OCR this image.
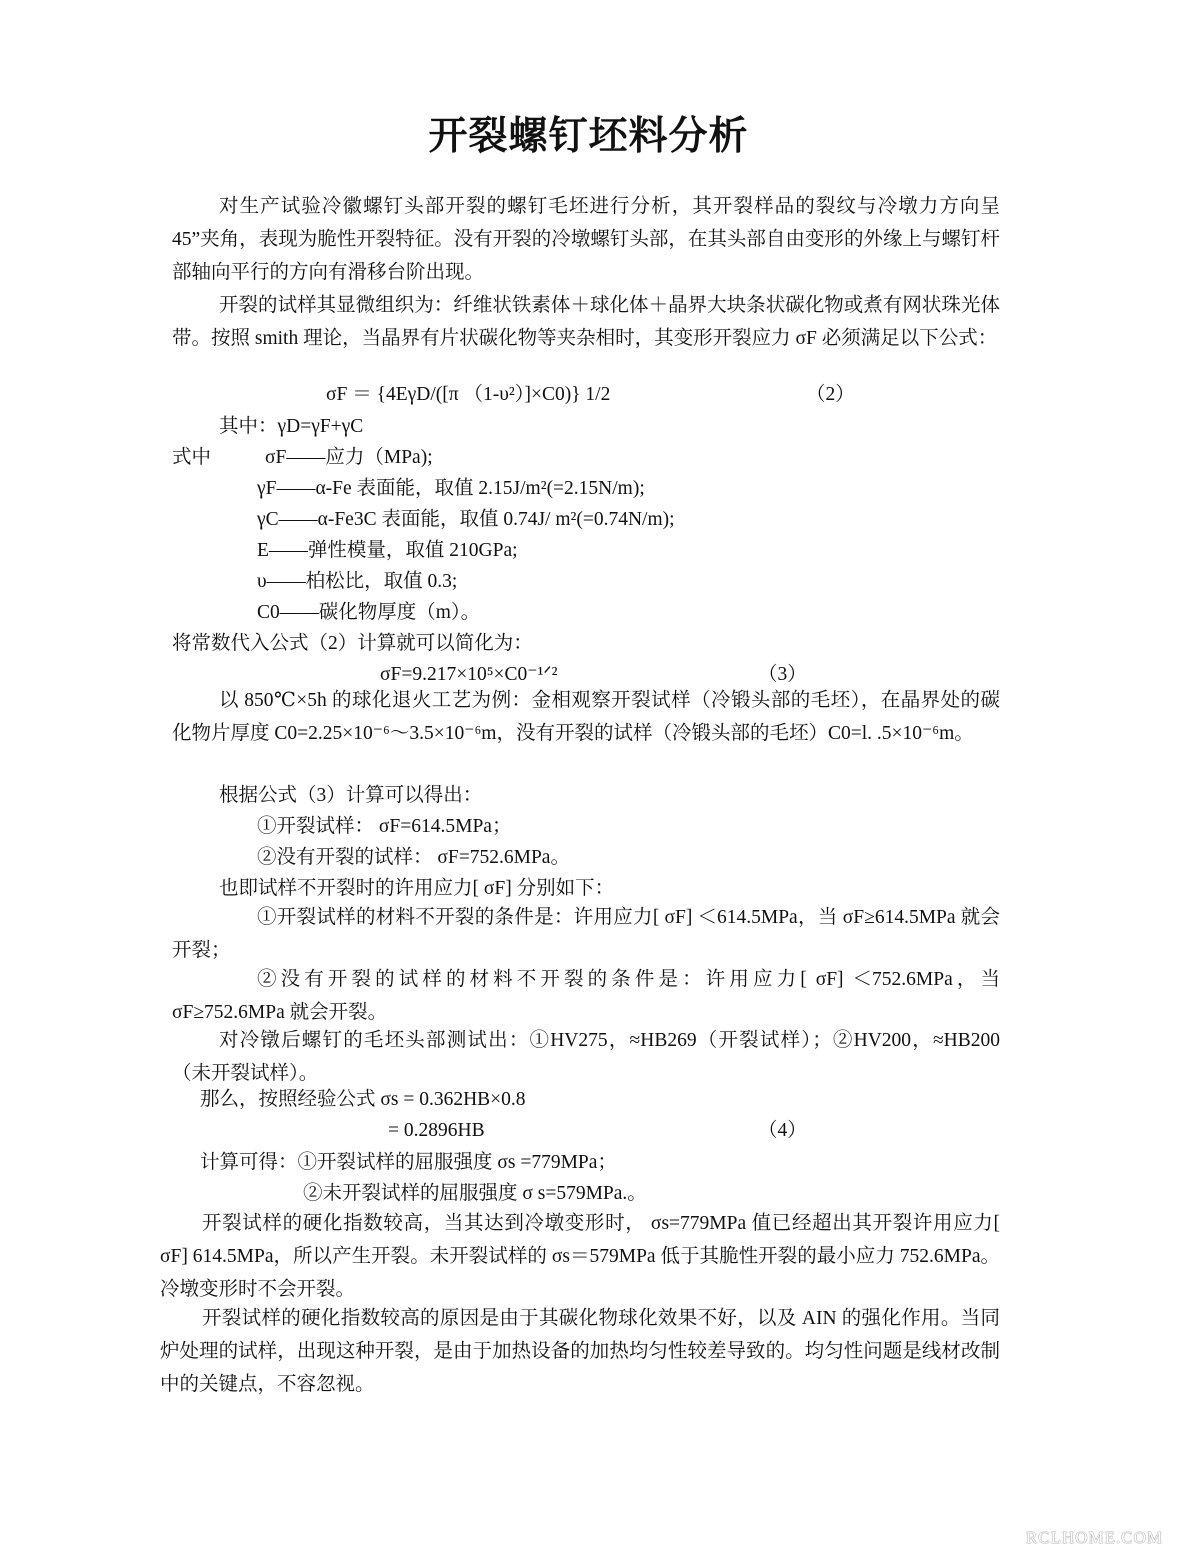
开裂螺钉坯料分析
对生产试验冷徽螺钉头部开裂的螺钉毛坯进行分析，其开裂样品的裂纹与冷墩力方向呈45”夹角，表现为脆性开裂特征。没有开裂的冷墩螺钉头部，在其头部自由变形的外缘上与螺钉杆部轴向平行的方向有滑移台阶出现。
开裂的试样其显微组织为：纤维状铁素体＋球化体＋晶界大块条状碳化物或煮有网状珠光体带。按照 smith 理论，当晶界有片状碳化物等夹杂相时，其变形开裂应力 σF 必须满足以下公式：
σF ＝ {4EγD/([π （1-υ²）]×C0)} 1/2	（2）
其中：γD=γF+γC
式中	σF——应力（MPa);
γF——α-Fe 表面能，取值 2.15J/m²(=2.15N/m);
γC——α-Fe3C 表面能，取值 0.74J/ m²(=0.74N/m);
E——弹性模量，取值 210GPa;
υ——柏松比，取值 0.3;
C0——碳化物厚度（m）。
将常数代入公式（2）计算就可以简化为：
σF=9.217×10⁵×C0⁻¹ᐟ²	（3）
以 850℃×5h 的球化退火工艺为例：金相观察开裂试样（冷锻头部的毛坯），在晶界处的碳化物片厚度 C0=2.25×10⁻⁶～3.5×10⁻⁶m，没有开裂的试样（冷锻头部的毛坯）C0=l. .5×10⁻⁶m。
根据公式（3）计算可以得出：
①开裂试样： σF=614.5MPa；
②没有开裂的试样： σF=752.6MPa。
也即试样不开裂时的许用应力[ σF] 分别如下：
①开裂试样的材料不开裂的条件是：许用应力[ σF] ＜614.5MPa，当 σF≥614.5MPa 就会开裂；
②没有开裂的试样的材料不开裂的条件是：许用应力[ σF] ＜752.6MPa，当 σF≥752.6MPa 就会开裂。
对冷镦后螺钉的毛坯头部测试出：①HV275，≈HB269（开裂试样）；②HV200，≈HB200（未开裂试样）。
那么，按照经验公式 σs = 0.362HB×0.8
= 0.2896HB	（4）
计算可得：①开裂试样的屈服强度 σs =779MPa；
②未开裂试样的屈服强度 σ s=579MPa.。
开裂试样的硬化指数较高，当其达到冷墩变形时， σs=779MPa 值已经超出其开裂许用应力[ σF] 614.5MPa，所以产生开裂。未开裂试样的 σs＝579MPa 低于其脆性开裂的最小应力 752.6MPa。冷墩变形时不会开裂。
开裂试样的硬化指数较高的原因是由于其碳化物球化效果不好，以及 AIN 的强化作用。当同炉处理的试样，出现这种开裂，是由于加热设备的加热均匀性较差导致的。均匀性问题是线材改制中的关键点，不容忽视。
RCLHOME.COM
